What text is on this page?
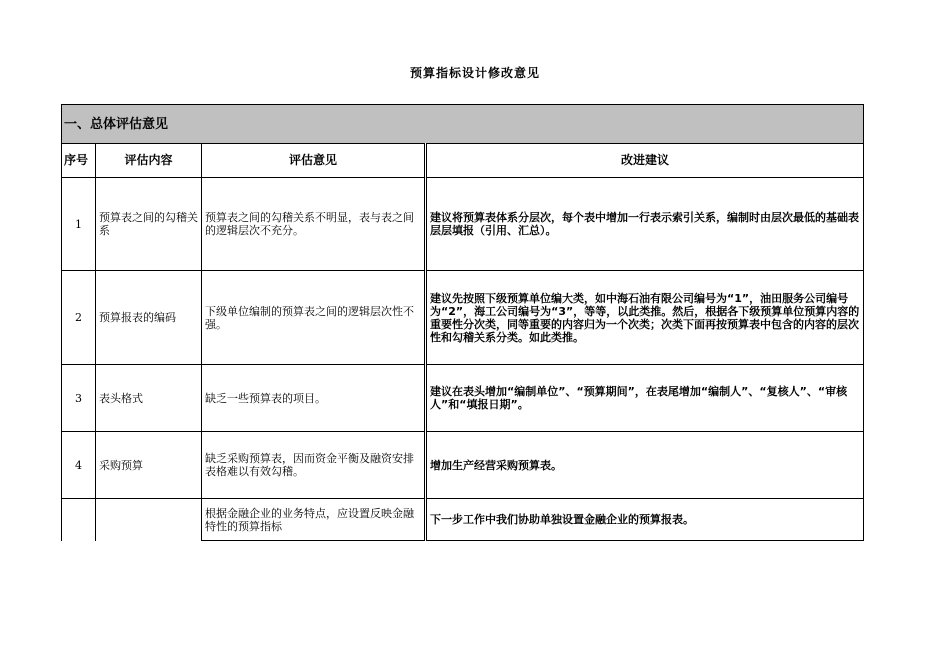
预算指标设计修改意见
一、总体评估意见			
序号	评估内容	评估意见	改进建议
1	预算表之间的勾稽关系	预算表之间的勾稽关系不明显，表与表之间的逻辑层次不充分。	建议将预算表体系分层次，每个表中增加一行表示索引关系，编制时由层次最低的基础表层层填报（引用、汇总）。
2	预算报表的编码	下级单位编制的预算表之间的逻辑层次性不强。	建议先按照下级预算单位编大类，如中海石油有限公司编号为“1”，油田服务公司编号为“2”，海工公司编号为“3”，等等，以此类推。然后，根据各下级预算单位预算内容的重要性分次类，同等重要的内容归为一个次类；次类下面再按预算表中包含的内容的层次性和勾稽关系分类。如此类推。
3	表头格式	缺乏一些预算表的项目。	建议在表头增加“编制单位”、“预算期间”，在表尾增加“编制人”、“复核人”、“审核人”和“填报日期”。
4	采购预算	缺乏采购预算表，因而资金平衡及融资安排表格难以有效勾稽。	增加生产经营采购预算表。
		根据金融企业的业务特点，应设置反映金融特性的预算指标	下一步工作中我们协助单独设置金融企业的预算报表。
